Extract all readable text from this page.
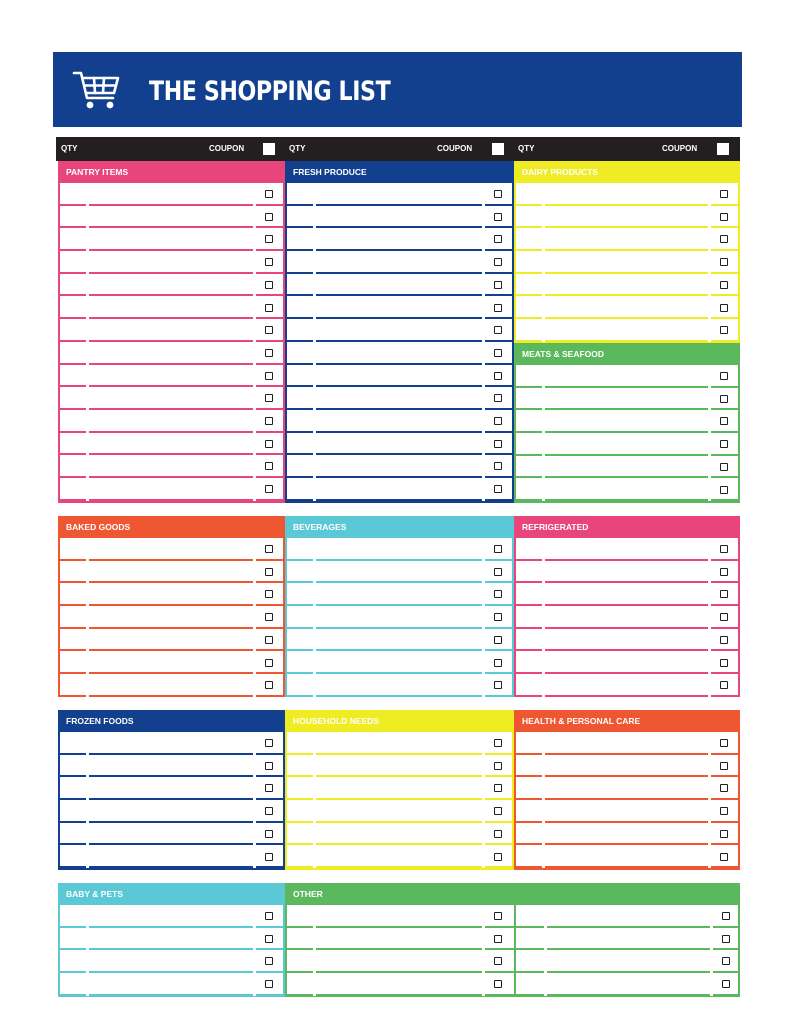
THE SHOPPING LIST
QTY	COUPON	QTY	COUPON	QTY	COUPON
PANTRY ITEMS	FRESH PRODUCE	DAIRY PRODUCTS
MEATS & SEAFOOD
BAKED GOODS	BEVERAGES	REFRIGERATED
FROZEN FOODS	HOUSEHOLD NEEDS	HEALTH & PERSONAL CARE
BABY & PETS	OTHER
